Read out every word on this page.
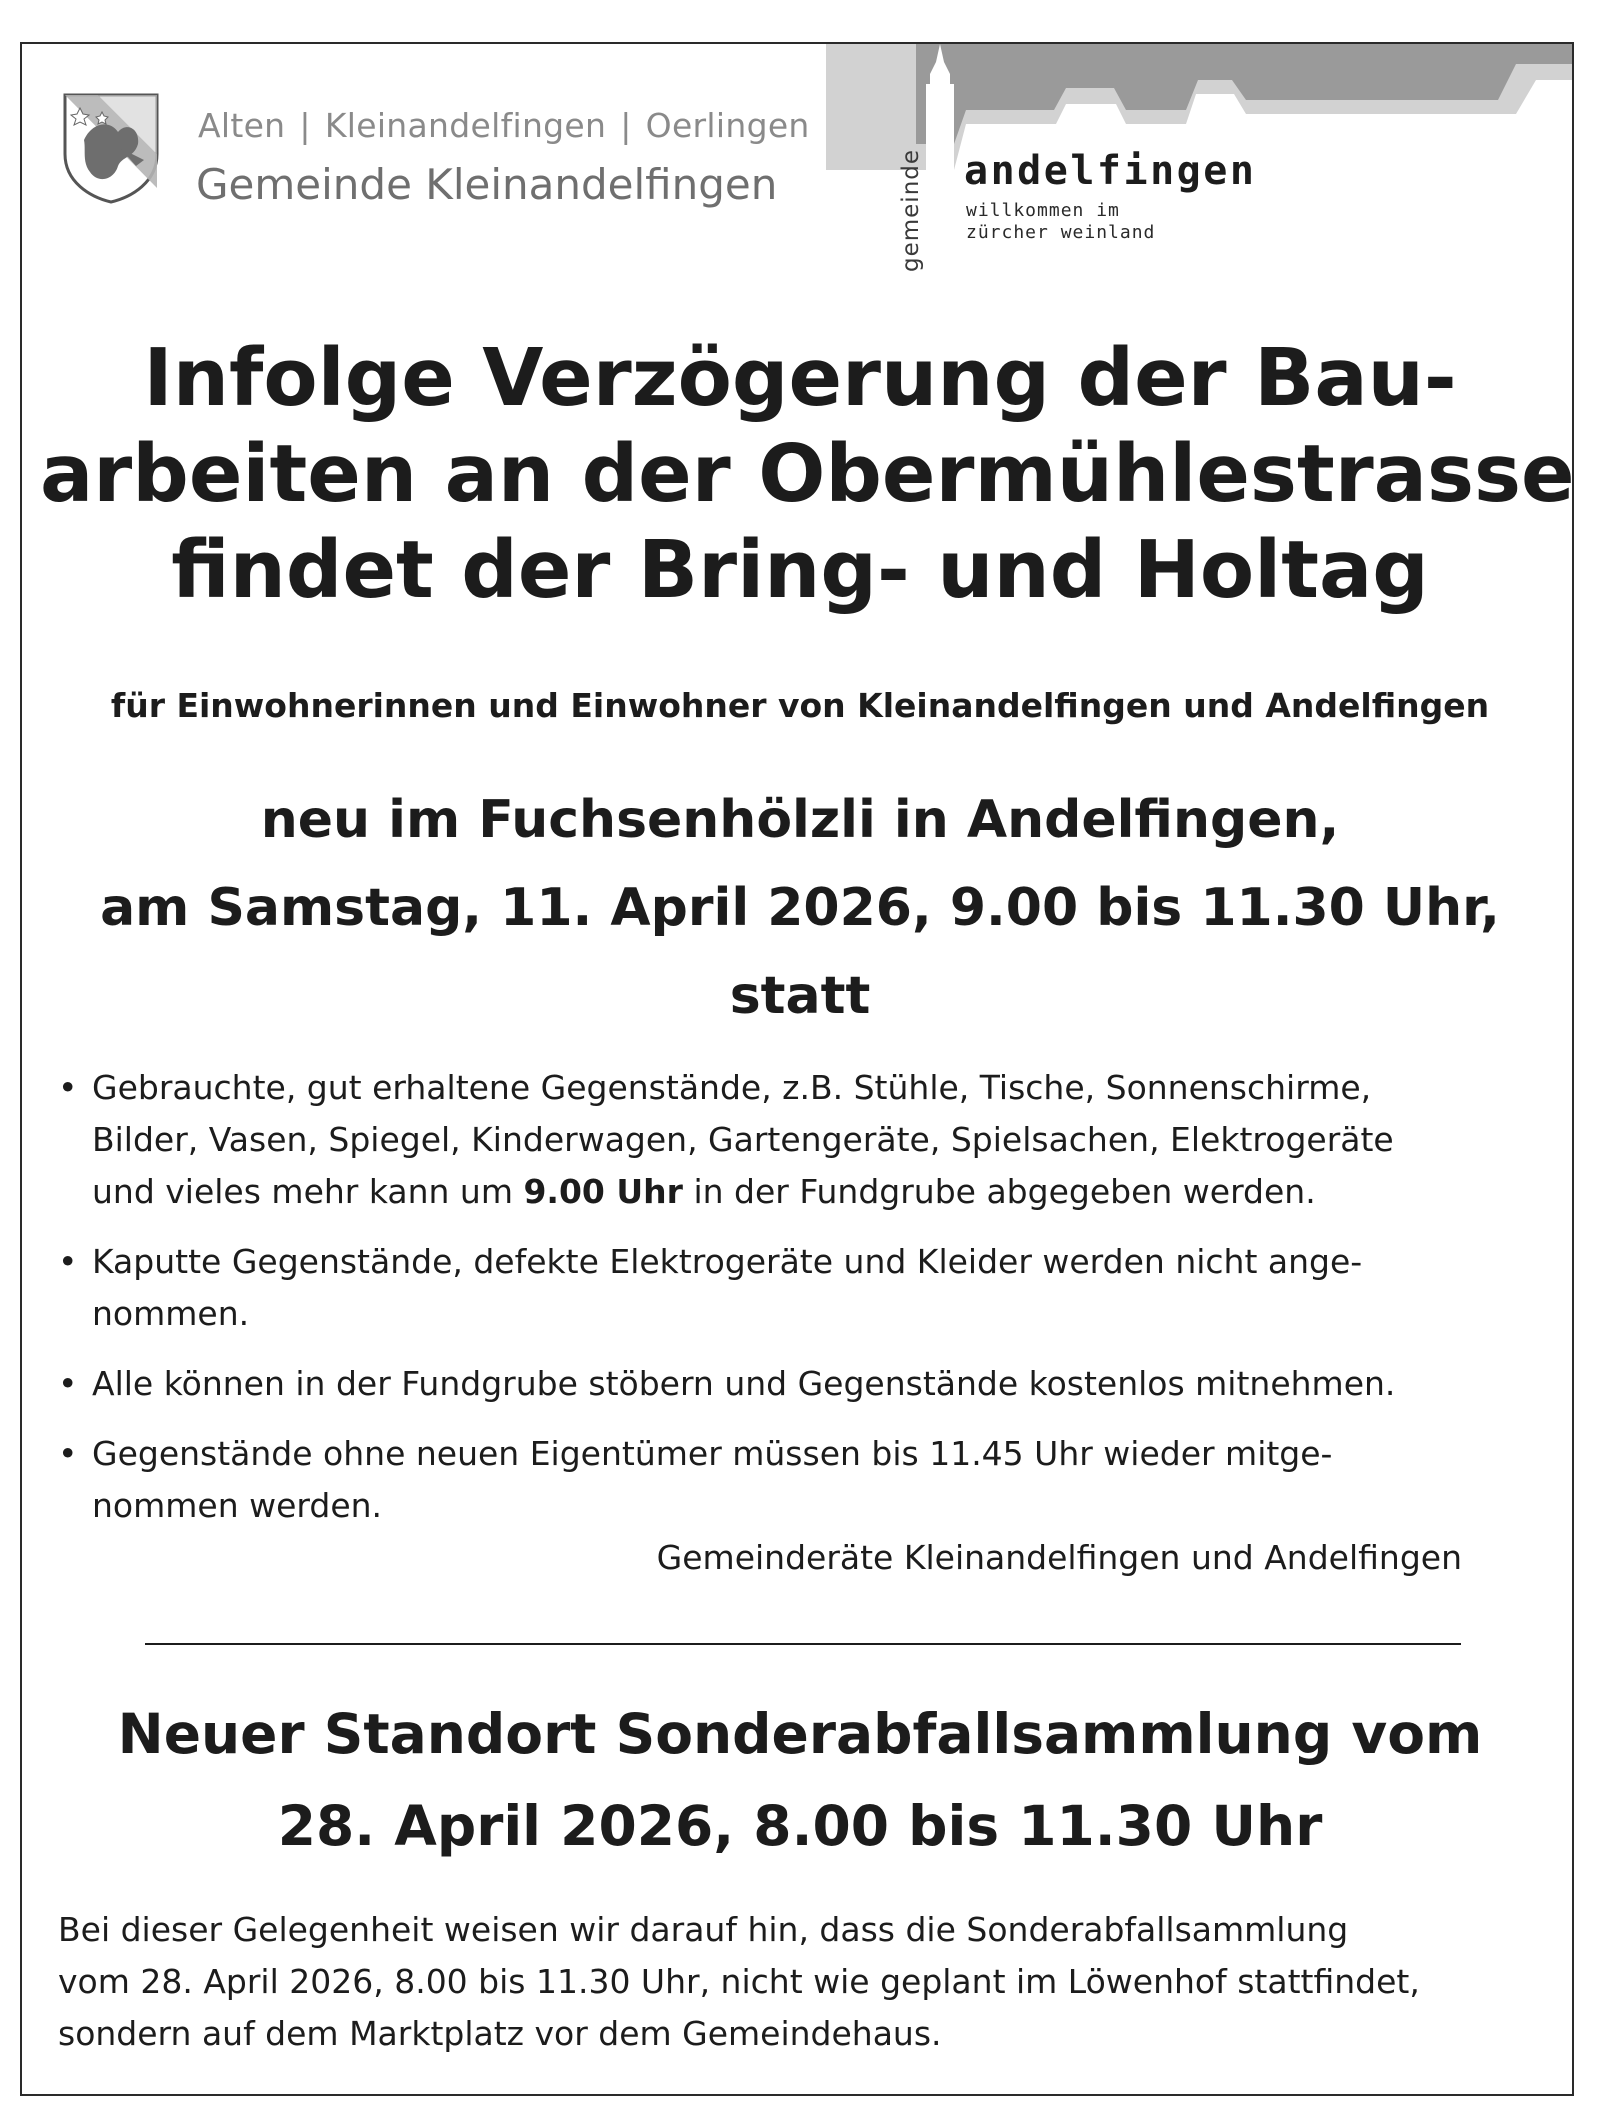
Alten | Kleinandelfingen | Oerlingen
Gemeinde Kleinandelfingen	gemeinde andelfingen
willkommen im
zürcher weinland
Infolge Verzögerung der Bau-
arbeiten an der Obermühlestrasse
findet der Bring- und Holtag

für Einwohnerinnen und Einwohner von Kleinandelfingen und Andelfingen

neu im Fuchsenhölzli in Andelfingen,
am Samstag, 11. April 2026, 9.00 bis 11.30 Uhr,
statt
• Gebrauchte, gut erhaltene Gegenstände, z.B. Stühle, Tische, Sonnenschirme,
Bilder, Vasen, Spiegel, Kinderwagen, Gartengeräte, Spielsachen, Elektrogeräte
und vieles mehr kann um 9.00 Uhr in der Fundgrube abgegeben werden.
• Kaputte Gegenstände, defekte Elektrogeräte und Kleider werden nicht ange-
nommen.
• Alle können in der Fundgrube stöbern und Gegenstände kostenlos mitnehmen.
• Gegenstände ohne neuen Eigentümer müssen bis 11.45 Uhr wieder mitge-
nommen werden.
Gemeinderäte Kleinandelfingen und Andelfingen
Neuer Standort Sonderabfallsammlung vom
28. April 2026, 8.00 bis 11.30 Uhr

Bei dieser Gelegenheit weisen wir darauf hin, dass die Sonderabfallsammlung
vom 28. April 2026, 8.00 bis 11.30 Uhr, nicht wie geplant im Löwenhof stattfindet,
sondern auf dem Marktplatz vor dem Gemeindehaus.
